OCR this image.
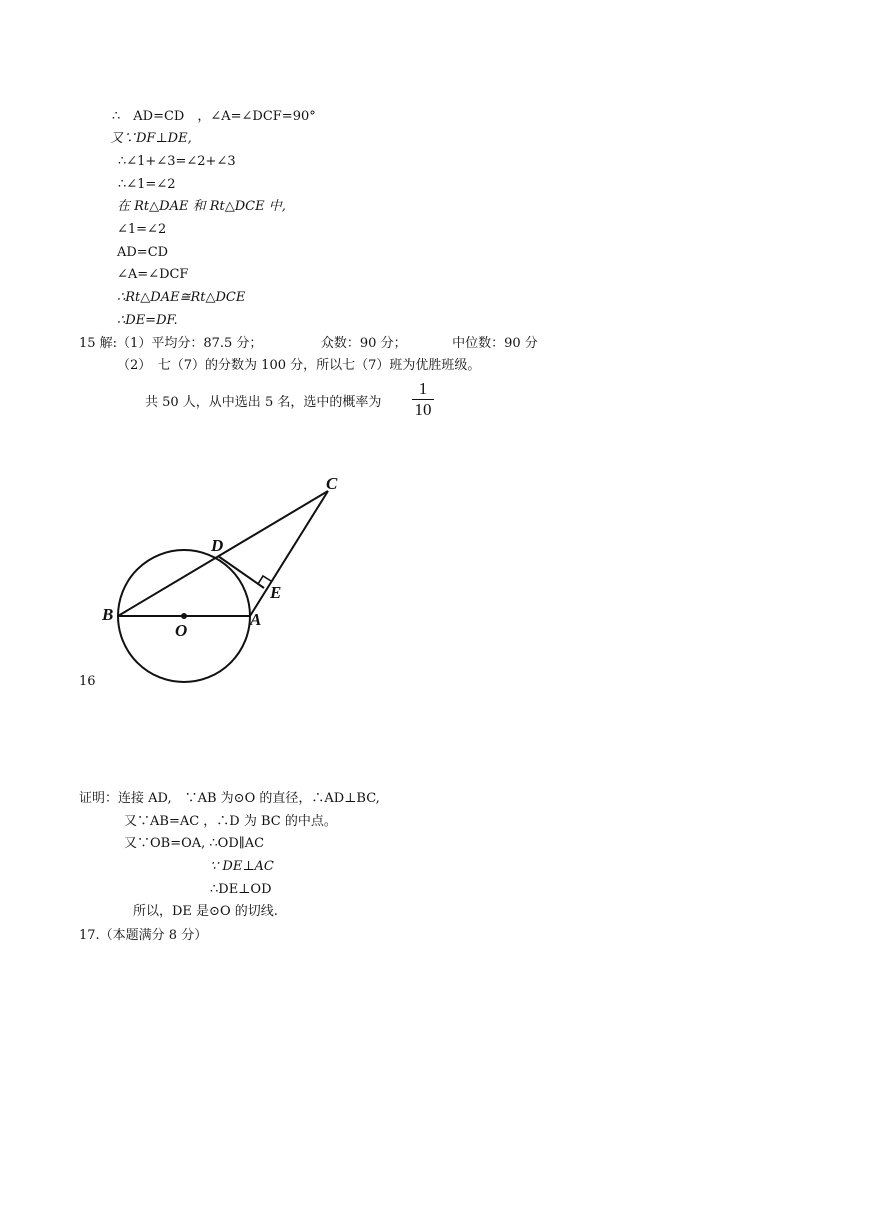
∴　AD=CD　，∠A=∠DCF=90°
又∵DF⊥DE,
∴∠1+∠3=∠2+∠3
∴∠1=∠2
在 Rt△DAE 和 Rt△DCE 中,
∠1=∠2
AD=CD
∠A=∠DCF
∴Rt△DAE≅Rt△DCE
∴DE=DF.
15 解:（1）平均分：87.5 分；　　　　　众数：90 分；　　　　中位数：90 分
（2）　七（7）的分数为 100 分，所以七（7）班为优胜班级。
共 50 人，从中选出 5 名，选中的概率为
1
10
C
D
E
B
O
A
16
证明：连接 AD,　∵AB 为⊙O 的直径，∴AD⊥BC,
又∵AB=AC ，∴D 为 BC 的中点。
又∵OB=OA, ∴OD∥AC
∵ DE⊥AC
∴DE⊥OD
所以，DE 是⊙O 的切线.
17.（本题满分 8 分）
